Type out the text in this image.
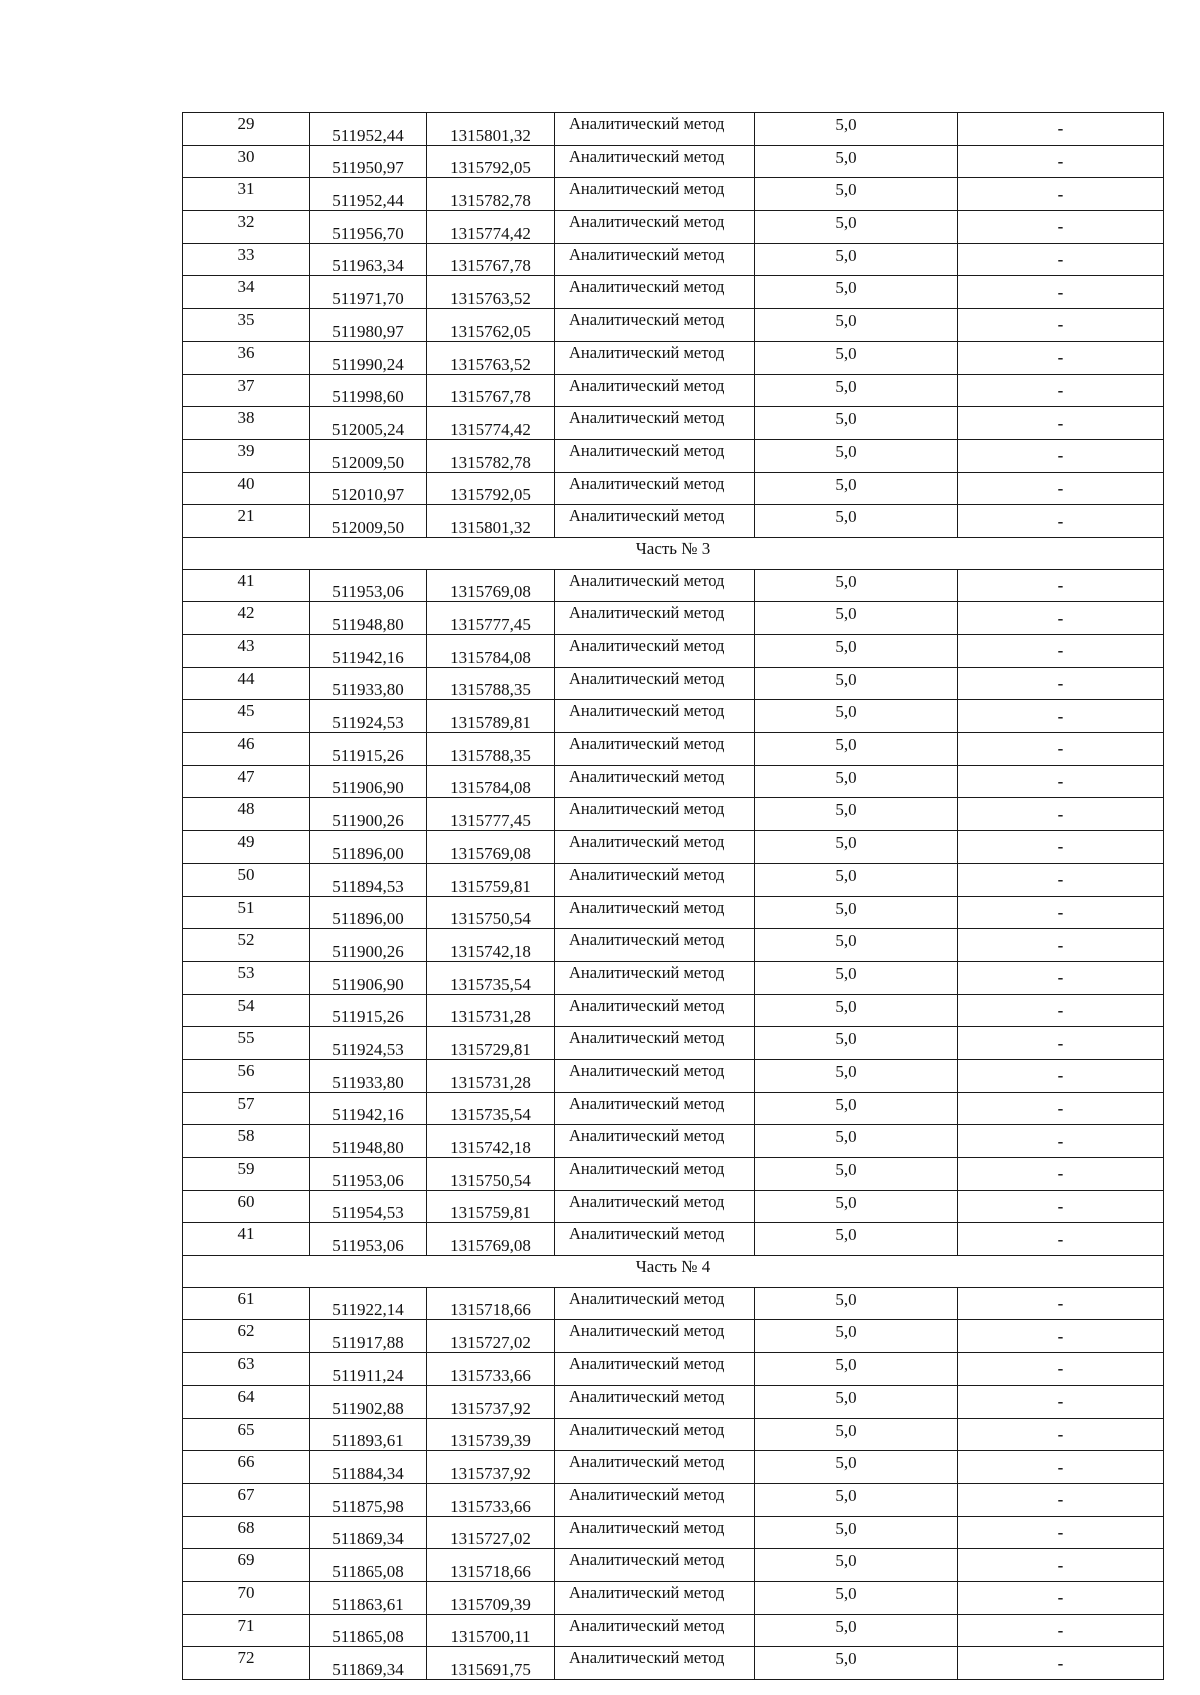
29	511952,44	1315801,32	Аналитический метод	5,0	-
30	511950,97	1315792,05	Аналитический метод	5,0	-
31	511952,44	1315782,78	Аналитический метод	5,0	-
32	511956,70	1315774,42	Аналитический метод	5,0	-
33	511963,34	1315767,78	Аналитический метод	5,0	-
34	511971,70	1315763,52	Аналитический метод	5,0	-
35	511980,97	1315762,05	Аналитический метод	5,0	-
36	511990,24	1315763,52	Аналитический метод	5,0	-
37	511998,60	1315767,78	Аналитический метод	5,0	-
38	512005,24	1315774,42	Аналитический метод	5,0	-
39	512009,50	1315782,78	Аналитический метод	5,0	-
40	512010,97	1315792,05	Аналитический метод	5,0	-
21	512009,50	1315801,32	Аналитический метод	5,0	-
Часть № 3					
41	511953,06	1315769,08	Аналитический метод	5,0	-
42	511948,80	1315777,45	Аналитический метод	5,0	-
43	511942,16	1315784,08	Аналитический метод	5,0	-
44	511933,80	1315788,35	Аналитический метод	5,0	-
45	511924,53	1315789,81	Аналитический метод	5,0	-
46	511915,26	1315788,35	Аналитический метод	5,0	-
47	511906,90	1315784,08	Аналитический метод	5,0	-
48	511900,26	1315777,45	Аналитический метод	5,0	-
49	511896,00	1315769,08	Аналитический метод	5,0	-
50	511894,53	1315759,81	Аналитический метод	5,0	-
51	511896,00	1315750,54	Аналитический метод	5,0	-
52	511900,26	1315742,18	Аналитический метод	5,0	-
53	511906,90	1315735,54	Аналитический метод	5,0	-
54	511915,26	1315731,28	Аналитический метод	5,0	-
55	511924,53	1315729,81	Аналитический метод	5,0	-
56	511933,80	1315731,28	Аналитический метод	5,0	-
57	511942,16	1315735,54	Аналитический метод	5,0	-
58	511948,80	1315742,18	Аналитический метод	5,0	-
59	511953,06	1315750,54	Аналитический метод	5,0	-
60	511954,53	1315759,81	Аналитический метод	5,0	-
41	511953,06	1315769,08	Аналитический метод	5,0	-
Часть № 4					
61	511922,14	1315718,66	Аналитический метод	5,0	-
62	511917,88	1315727,02	Аналитический метод	5,0	-
63	511911,24	1315733,66	Аналитический метод	5,0	-
64	511902,88	1315737,92	Аналитический метод	5,0	-
65	511893,61	1315739,39	Аналитический метод	5,0	-
66	511884,34	1315737,92	Аналитический метод	5,0	-
67	511875,98	1315733,66	Аналитический метод	5,0	-
68	511869,34	1315727,02	Аналитический метод	5,0	-
69	511865,08	1315718,66	Аналитический метод	5,0	-
70	511863,61	1315709,39	Аналитический метод	5,0	-
71	511865,08	1315700,11	Аналитический метод	5,0	-
72	511869,34	1315691,75	Аналитический метод	5,0	-
